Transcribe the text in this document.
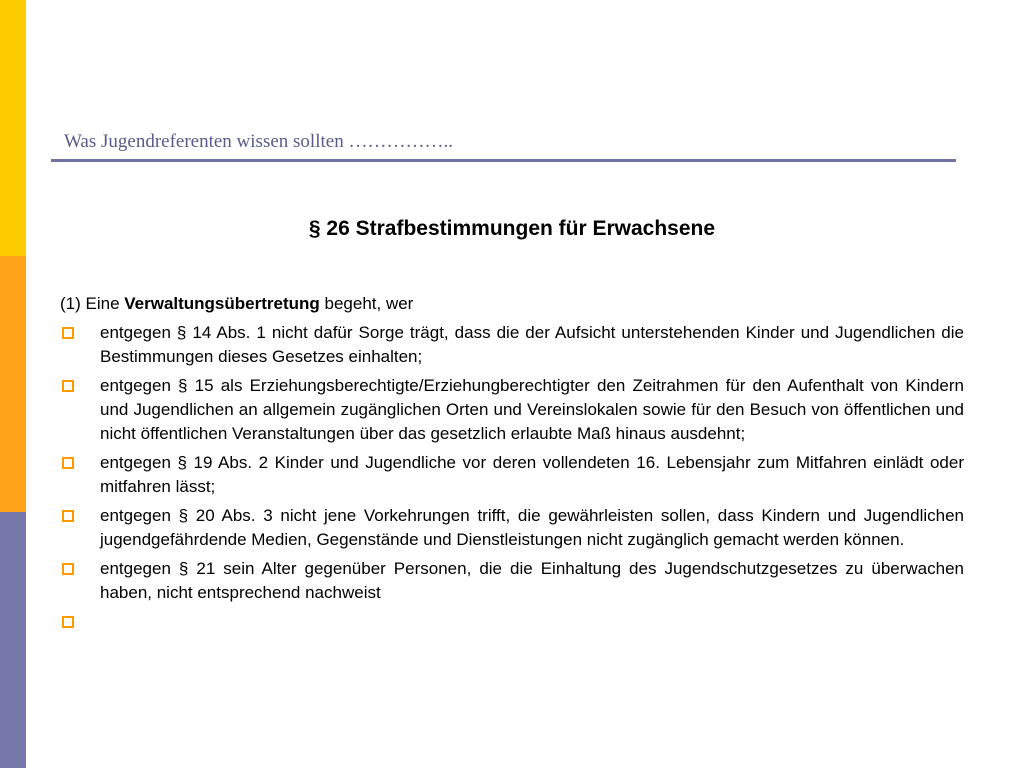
Was Jugendreferenten wissen sollten ……………..
§ 26 Strafbestimmungen für Erwachsene
(1) Eine Verwaltungsübertretung begeht, wer
entgegen § 14 Abs. 1 nicht dafür Sorge trägt, dass die der Aufsicht unterstehenden Kinder und Jugendlichen die Bestimmungen dieses Gesetzes einhalten;
entgegen § 15 als Erziehungsberechtigte/Erziehungberechtigter den Zeitrahmen für den Aufenthalt von Kindern und Jugendlichen an allgemein zugänglichen Orten und Vereinslokalen sowie für den Besuch von öffentlichen und nicht öffentlichen Veranstaltungen über das gesetzlich erlaubte Maß hinaus ausdehnt;
entgegen § 19 Abs. 2 Kinder und Jugendliche vor deren vollendeten 16. Lebensjahr zum Mitfahren einlädt oder mitfahren lässt;
entgegen § 20 Abs. 3 nicht jene Vorkehrungen trifft, die gewährleisten sollen, dass Kindern und Jugendlichen jugendgefährdende Medien, Gegenstände und Dienstleistungen nicht zugänglich gemacht werden können.
entgegen § 21 sein Alter gegenüber Personen, die die Einhaltung des Jugendschutzgesetzes zu überwachen haben, nicht entsprechend nachweist
